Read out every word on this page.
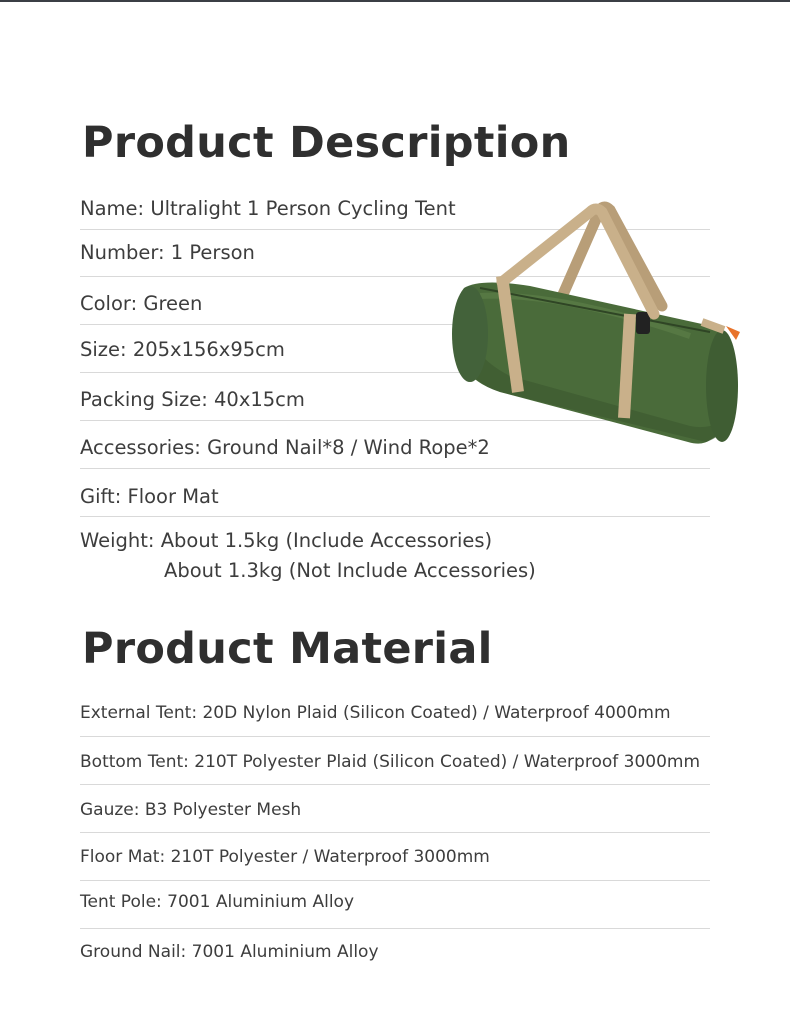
Product Description
Name: Ultralight 1 Person Cycling Tent
Number: 1 Person
Color: Green
Size: 205x156x95cm
Packing Size: 40x15cm
Accessories: Ground Nail*8 / Wind Rope*2
Gift: Floor Mat
Weight: About 1.5kg (Include Accessories)
About 1.3kg (Not Include Accessories)
Product Material
External Tent: 20D Nylon Plaid (Silicon Coated) / Waterproof 4000mm
Bottom Tent: 210T Polyester Plaid (Silicon Coated) / Waterproof 3000mm
Gauze: B3 Polyester Mesh
Floor Mat: 210T Polyester / Waterproof 3000mm
Tent Pole: 7001 Aluminium Alloy
Ground Nail: 7001 Aluminium Alloy
